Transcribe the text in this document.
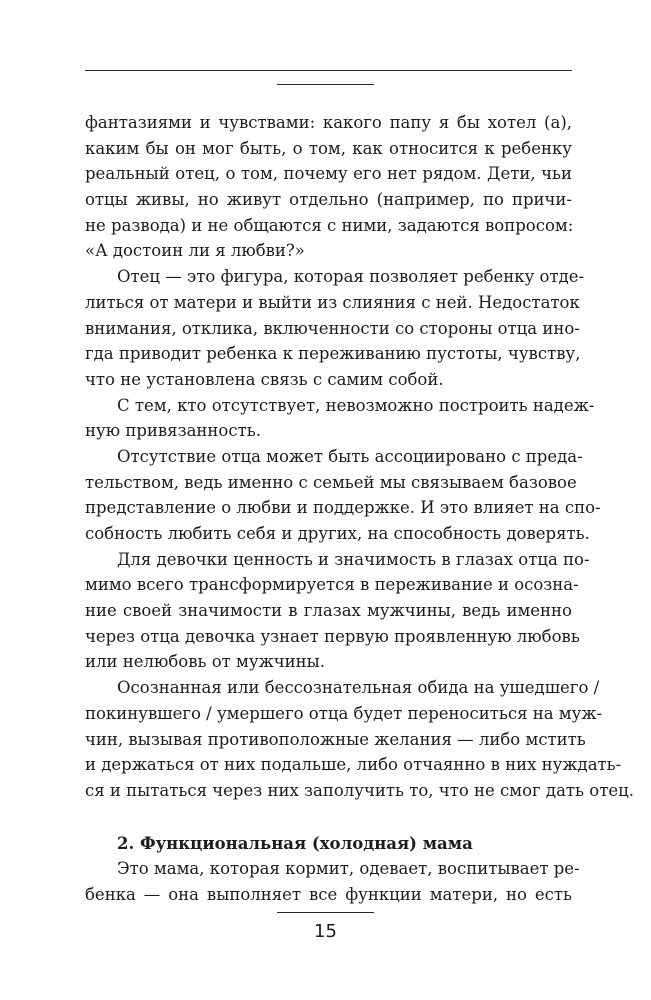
фантазиями и чувствами: какого папу я бы хотел (а),
каким бы он мог быть, о том, как относится к ребенку
реальный отец, о том, почему его нет рядом. Дети, чьи
отцы живы, но живут отдельно (например, по причи-
не развода) и не общаются с ними, задаются вопросом:
«А достоин ли я любви?»
Отец — это фигура, которая позволяет ребенку отде-
литься от матери и выйти из слияния с ней. Недостаток
внимания, отклика, включенности со стороны отца ино-
гда приводит ребенка к переживанию пустоты, чувству,
что не установлена связь с самим собой.
С тем, кто отсутствует, невозможно построить надеж-
ную привязанность.
Отсутствие отца может быть ассоциировано с преда-
тельством, ведь именно с семьей мы связываем базовое
представление о любви и поддержке. И это влияет на спо-
собность любить себя и других, на способность доверять.
Для девочки ценность и значимость в глазах отца по-
мимо всего трансформируется в переживание и осозна-
ние своей значимости в глазах мужчины, ведь именно
через отца девочка узнает первую проявленную любовь
или нелюбовь от мужчины.
Осознанная или бессознательная обида на ушедшего /
покинувшего / умершего отца будет переноситься на муж-
чин, вызывая противоположные желания — либо мстить
и держаться от них подальше, либо отчаянно в них нуждать-
ся и пытаться через них заполучить то, что не смог дать отец.
2. Функциональная (холодная) мама
Это мама, которая кормит, одевает, воспитывает ре-
бенка — она выполняет все функции матери, но есть
15
